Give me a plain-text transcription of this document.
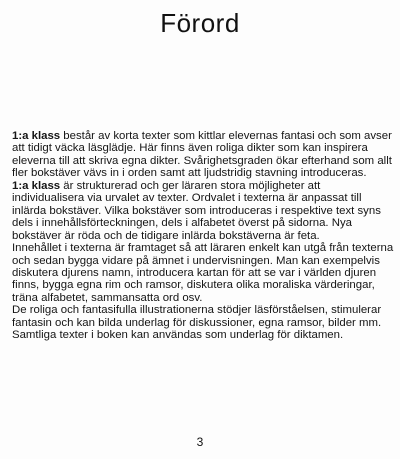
Förord

1:a klass består av korta texter som kittlar elevernas fantasi och som avser att tidigt väcka läsglädje. Här finns även roliga dikter som kan inspirera eleverna till att skriva egna dikter. Svårighetsgraden ökar efterhand som allt fler bokstäver vävs in i orden samt att ljudstridig stavning introduceras.

1:a klass är strukturerad och ger läraren stora möjligheter att individualisera via urvalet av texter. Ordvalet i texterna är anpassat till inlärda bokstäver. Vilka bokstäver som introduceras i respektive text syns dels i innehållsförteckningen, dels i alfabetet överst på sidorna. Nya bokstäver är röda och de tidigare inlärda bokstäverna är feta.

Innehållet i texterna är framtaget så att läraren enkelt kan utgå från texterna och sedan bygga vidare på ämnet i undervisningen. Man kan exempelvis diskutera djurens namn, introducera kartan för att se var i världen djuren finns, bygga egna rim och ramsor, diskutera olika moraliska värderingar, träna alfabetet, sammansatta ord osv.

De roliga och fantasifulla illustrationerna stödjer läsförståelsen, stimulerar fantasin och kan bilda underlag för diskussioner, egna ramsor, bilder mm.

Samtliga texter i boken kan användas som underlag för diktamen.

3
